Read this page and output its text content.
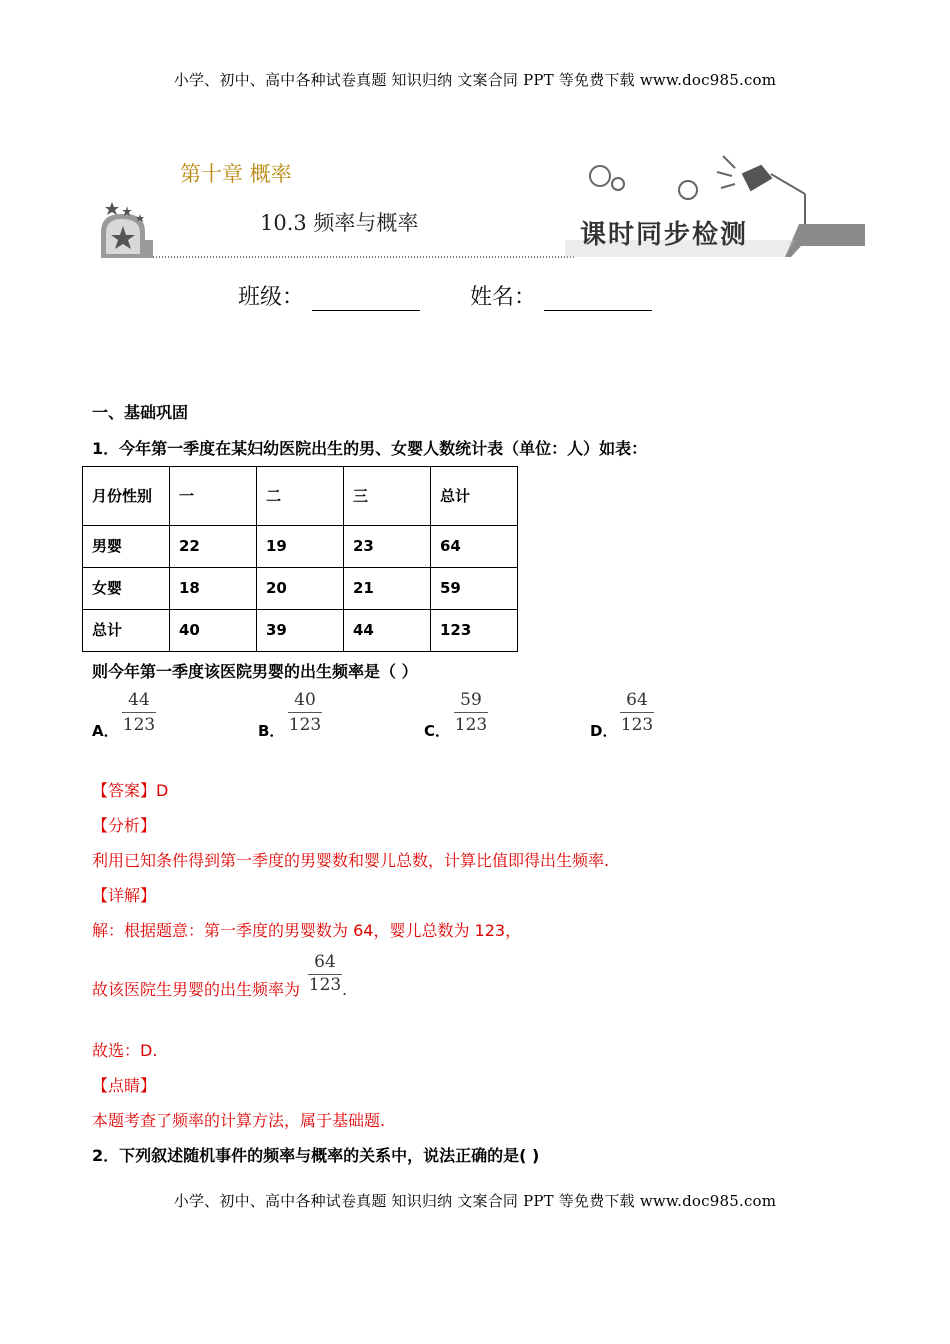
小学、初中、高中各种试卷真题 知识归纳 文案合同 PPT 等免费下载 www.doc985.com
第十章 概率
10.3 频率与概率	课时同步检测
班级：	姓名：
一、基础巩固
1．今年第一季度在某妇幼医院出生的男、女婴人数统计表（单位：人）如表：
月份性别	一	二	三	总计
男婴	22	19	23	64
女婴	18	20	21	59
总计	40	39	44	123
则今年第一季度该医院男婴的出生频率是（ ）
A． $\frac{44}{123}$	B． $\frac{40}{123}$	C． $\frac{59}{123}$	D． $\frac{64}{123}$
【答案】D
【分析】
利用已知条件得到第一季度的男婴数和婴儿总数，计算比值即得出生频率.
【详解】
解：根据题意：第一季度的男婴数为 64，婴儿总数为 123，
故该医院生男婴的出生频率为 $\frac{64}{123}$ .
故选：D.
【点睛】
本题考查了频率的计算方法，属于基础题.
2．下列叙述随机事件的频率与概率的关系中，说法正确的是( )
小学、初中、高中各种试卷真题 知识归纳 文案合同 PPT 等免费下载 www.doc985.com
